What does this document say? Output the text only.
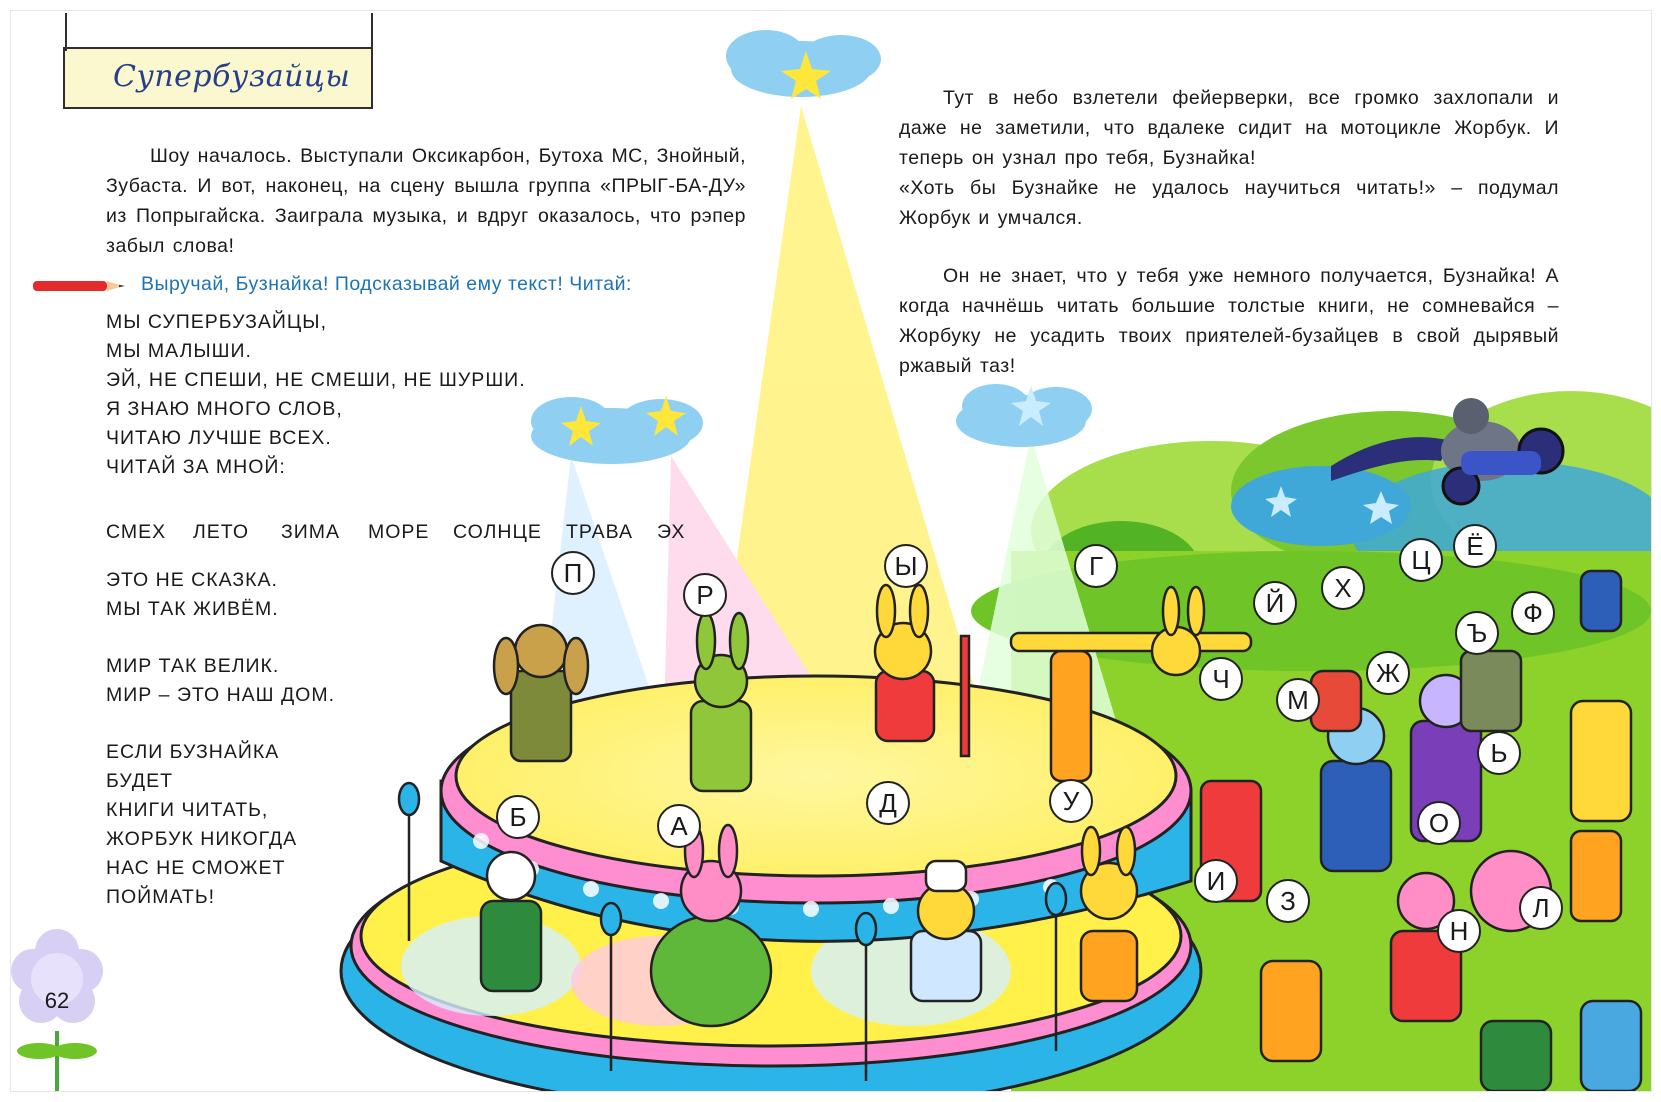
Супербузайцы

Шоу началось. Выступали Оксикарбон, Бутоха МС, Знойный, Зубаста. И вот, наконец, на сцену вышла группа «ПРЫГ-БА-ДУ» из Попрыгайска. Заиграла музыка, и вдруг оказалось, что рэпер забыл слова!

Выручай, Бузнайка! Подсказывай ему текст! Читай:
МЫ СУПЕРБУЗАЙЦЫ,
МЫ МАЛЫШИ.
ЭЙ, НЕ СПЕШИ, НЕ СМЕШИ, НЕ ШУРШИ.
Я ЗНАЮ МНОГО СЛОВ,
ЧИТАЮ ЛУЧШЕ ВСЕХ.
ЧИТАЙ ЗА МНОЙ:
ЭТО НЕ СКАЗКА.
МЫ ТАК ЖИВЁМ.
МИР ТАК ВЕЛИК.
МИР – ЭТО НАШ ДОМ.
ЕСЛИ БУЗНАЙКА
БУДЕТ
КНИГИ ЧИТАТЬ,
ЖОРБУК НИКОГДА
НАС НЕ СМОЖЕТ
ПОЙМАТЬ!
СМЕХ ЛЕТО ЗИМА МОРЕ СОЛНЦЕ ТРАВА ЭХ

Тут в небо взлетели фейерверки, все громко захлопали и даже не заметили, что вдалеке сидит на мотоцикле Жорбук. И теперь он узнал про тебя, Бузнайка!
«Хоть бы Бузнайке не удалось научиться читать!» – подумал Жорбук и умчался.

Он не знает, что у тебя уже немного получается, Бузнайка! А когда начнёшь читать большие толстые книги, не сомневайся – Жорбуку не усадить твоих приятелей-бузайцев в свой дырявый ржавый таз!

П
Р
Ы	Г
Б	А
Д	У
Й	Х
Ц	Ё
Ф
Ъ
Ч	Ж
М
Ь
О
И
З
Н
Л
62
